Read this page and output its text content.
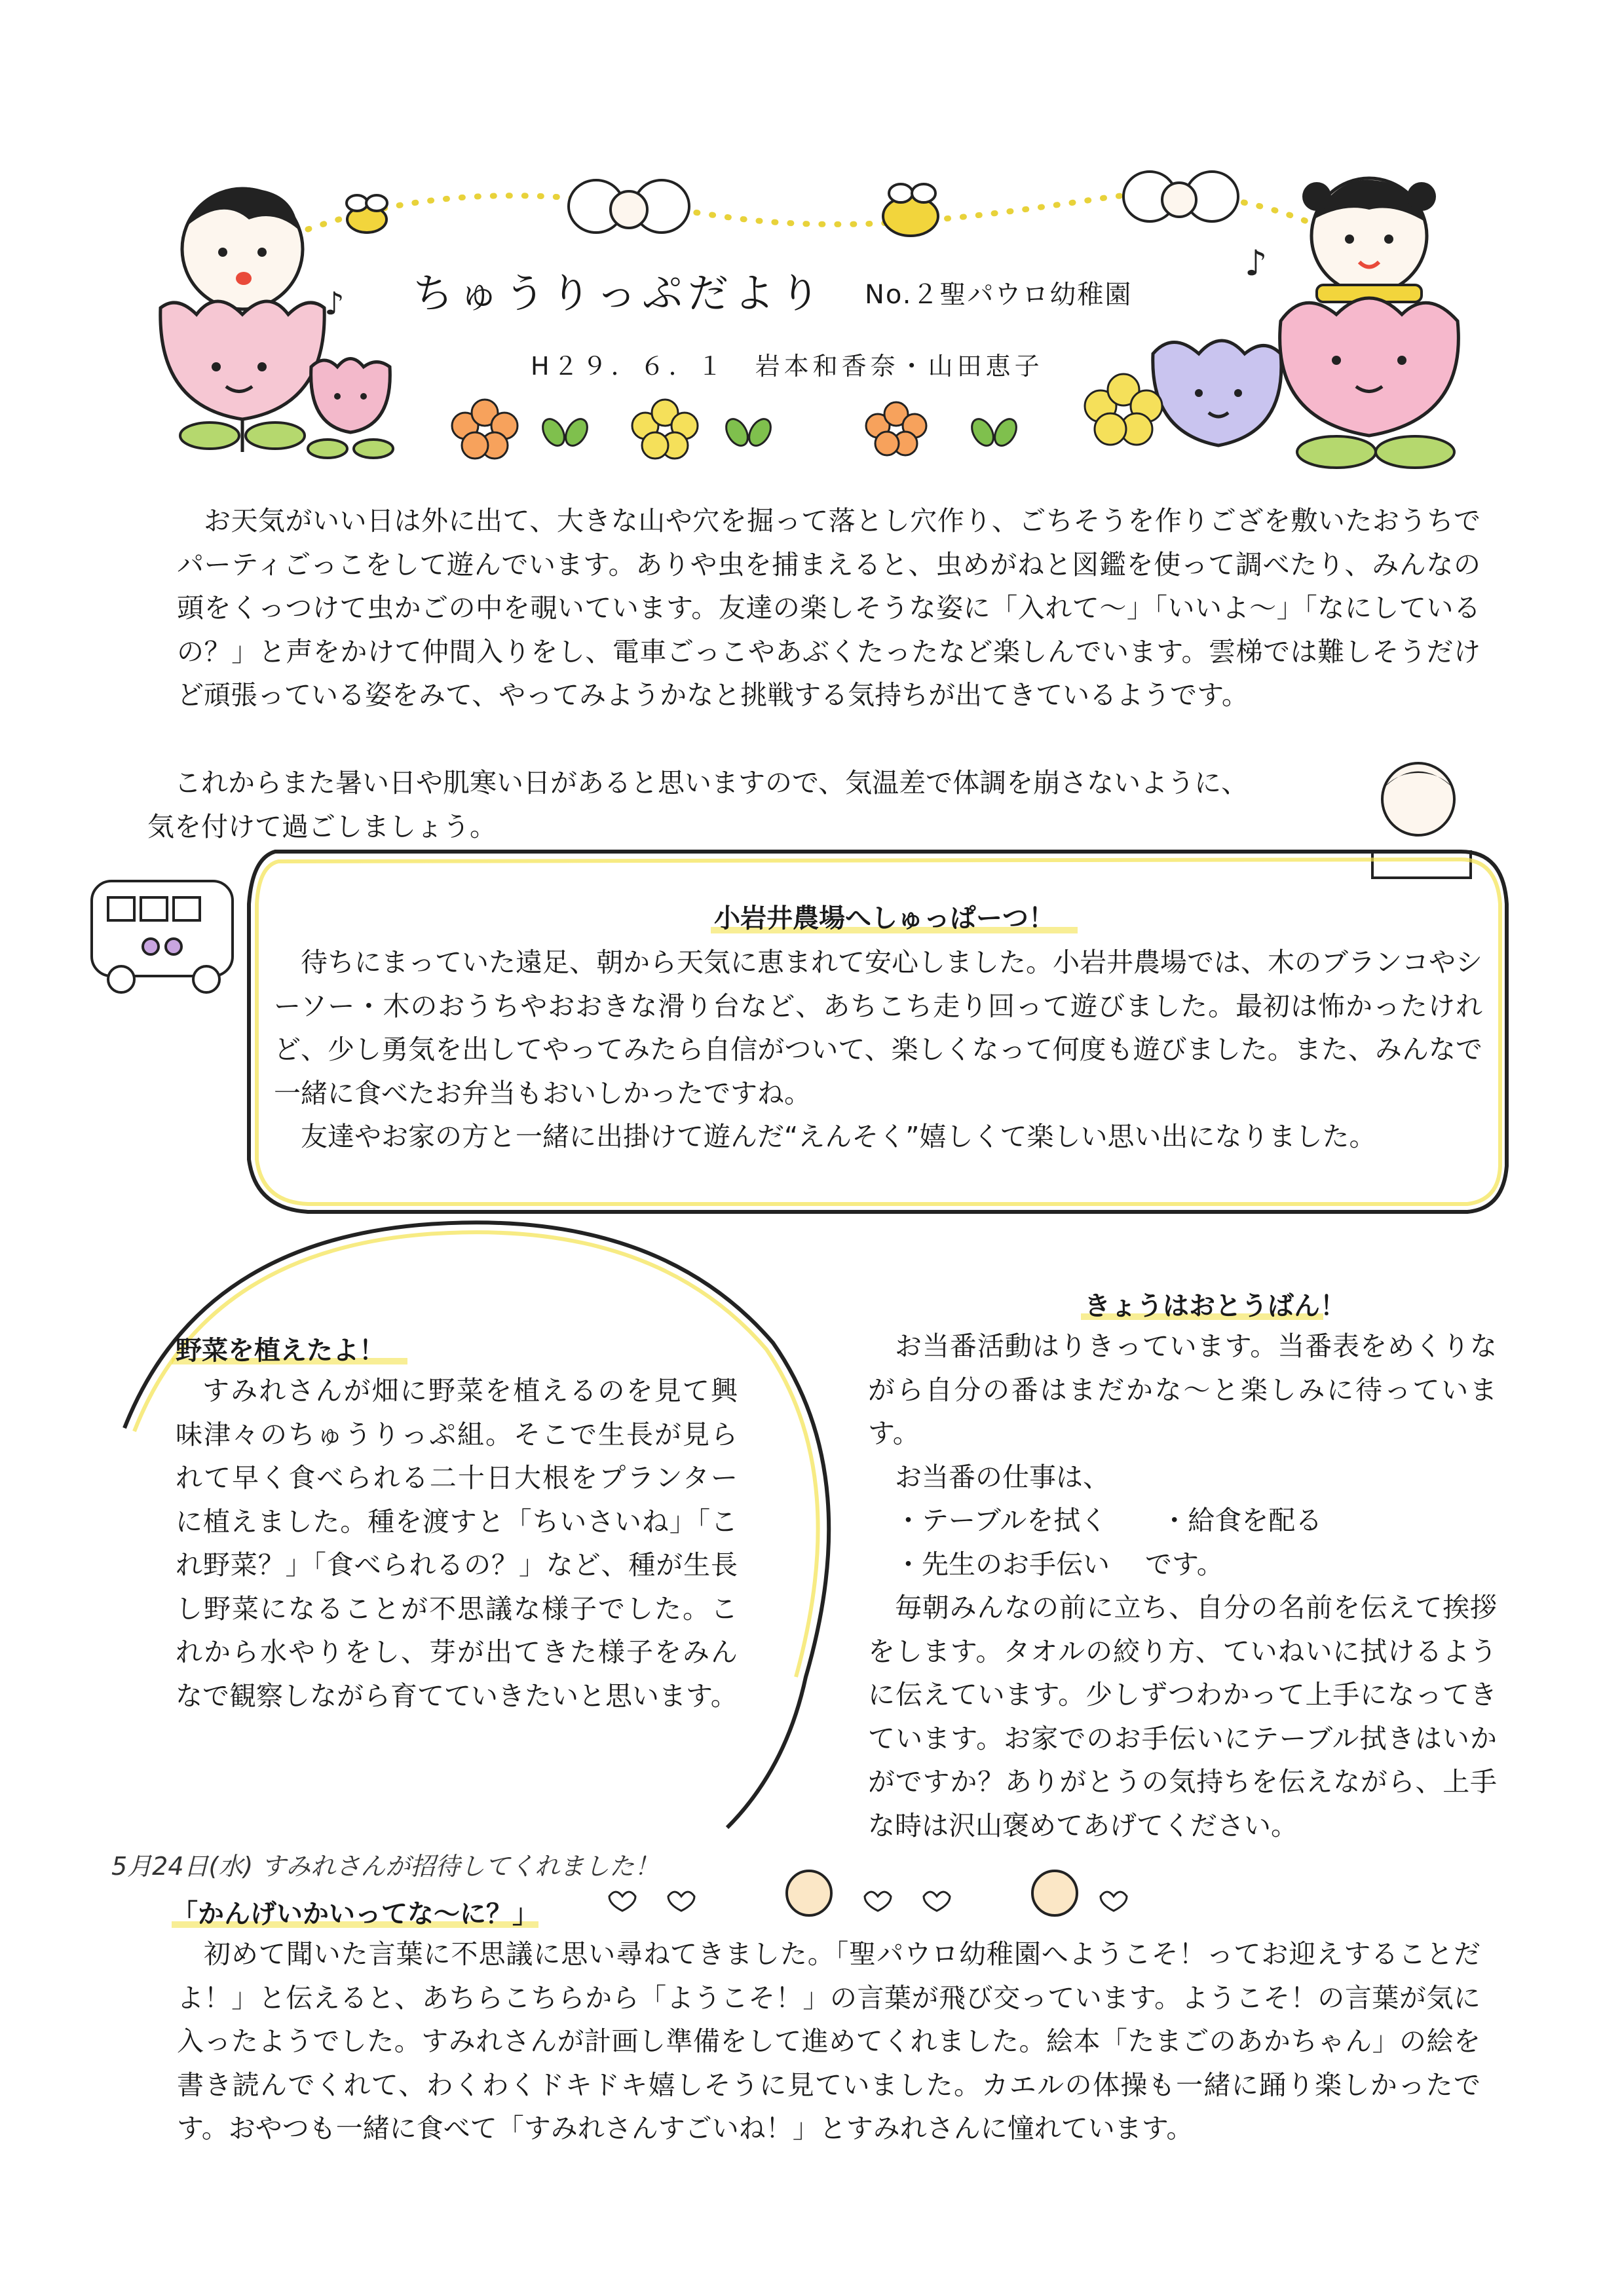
♪
♪ ちゅうりっぷだより No.２聖パウロ幼稚園
H２９．６．１　岩本和香奈・山田恵子
お天気がいい日は外に出て、大きな山や穴を掘って落とし穴作り、ごちそうを作りござを敷いたおうちでパーティごっこをして遊んでいます。ありや虫を捕まえると、虫めがねと図鑑を使って調べたり、みんなの頭をくっつけて虫かごの中を覗いています。友達の楽しそうな姿に「入れて～」「いいよ～」「なにしているの？」と声をかけて仲間入りをし、電車ごっこやあぶくたったなど楽しんでいます。雲梯では難しそうだけど頑張っている姿をみて、やってみようかなと挑戦する気持ちが出てきているようです。
これからまた暑い日や肌寒い日があると思いますので、気温差で体調を崩さないように、
気を付けて過ごしましょう。
小岩井農場へしゅっぱーつ！
待ちにまっていた遠足、朝から天気に恵まれて安心しました。小岩井農場では、木のブランコやシーソー・木のおうちやおおきな滑り台など、あちこち走り回って遊びました。最初は怖かったけれど、少し勇気を出してやってみたら自信がついて、楽しくなって何度も遊びました。また、みんなで一緒に食べたお弁当もおいしかったですね。
友達やお家の方と一緒に出掛けて遊んだ“えんそく”嬉しくて楽しい思い出になりました。
野菜を植えたよ！
すみれさんが畑に野菜を植えるのを見て興味津々のちゅうりっぷ組。そこで生長が見られて早く食べられる二十日大根をプランターに植えました。種を渡すと「ちいさいね」「これ野菜？」「食べられるの？」など、種が生長し野菜になることが不思議な様子でした。これから水やりをし、芽が出てきた様子をみんなで観察しながら育てていきたいと思います。
きょうはおとうばん！
お当番活動はりきっています。当番表をめくりながら自分の番はまだかな～と楽しみに待っています。
お当番の仕事は、
・テーブルを拭く　　・給食を配る
・先生のお手伝い　 です。
毎朝みんなの前に立ち、自分の名前を伝えて挨拶をします。タオルの絞り方、ていねいに拭けるように伝えています。少しずつわかって上手になってきています。お家でのお手伝いにテーブル拭きはいかがですか？ありがとうの気持ちを伝えながら、上手な時は沢山褒めてあげてください。
5月24日(水) すみれさんが招待してくれました！
「かんげいかいってな～に？」
初めて聞いた言葉に不思議に思い尋ねてきました。「聖パウロ幼稚園へようこそ！ってお迎えすることだよ！」と伝えると、あちらこちらから「ようこそ！」の言葉が飛び交っています。ようこそ！の言葉が気に入ったようでした。すみれさんが計画し準備をして進めてくれました。絵本「たまごのあかちゃん」の絵を書き読んでくれて、わくわくドキドキ嬉しそうに見ていました。カエルの体操も一緒に踊り楽しかったです。おやつも一緒に食べて「すみれさんすごいね！」とすみれさんに憧れています。
